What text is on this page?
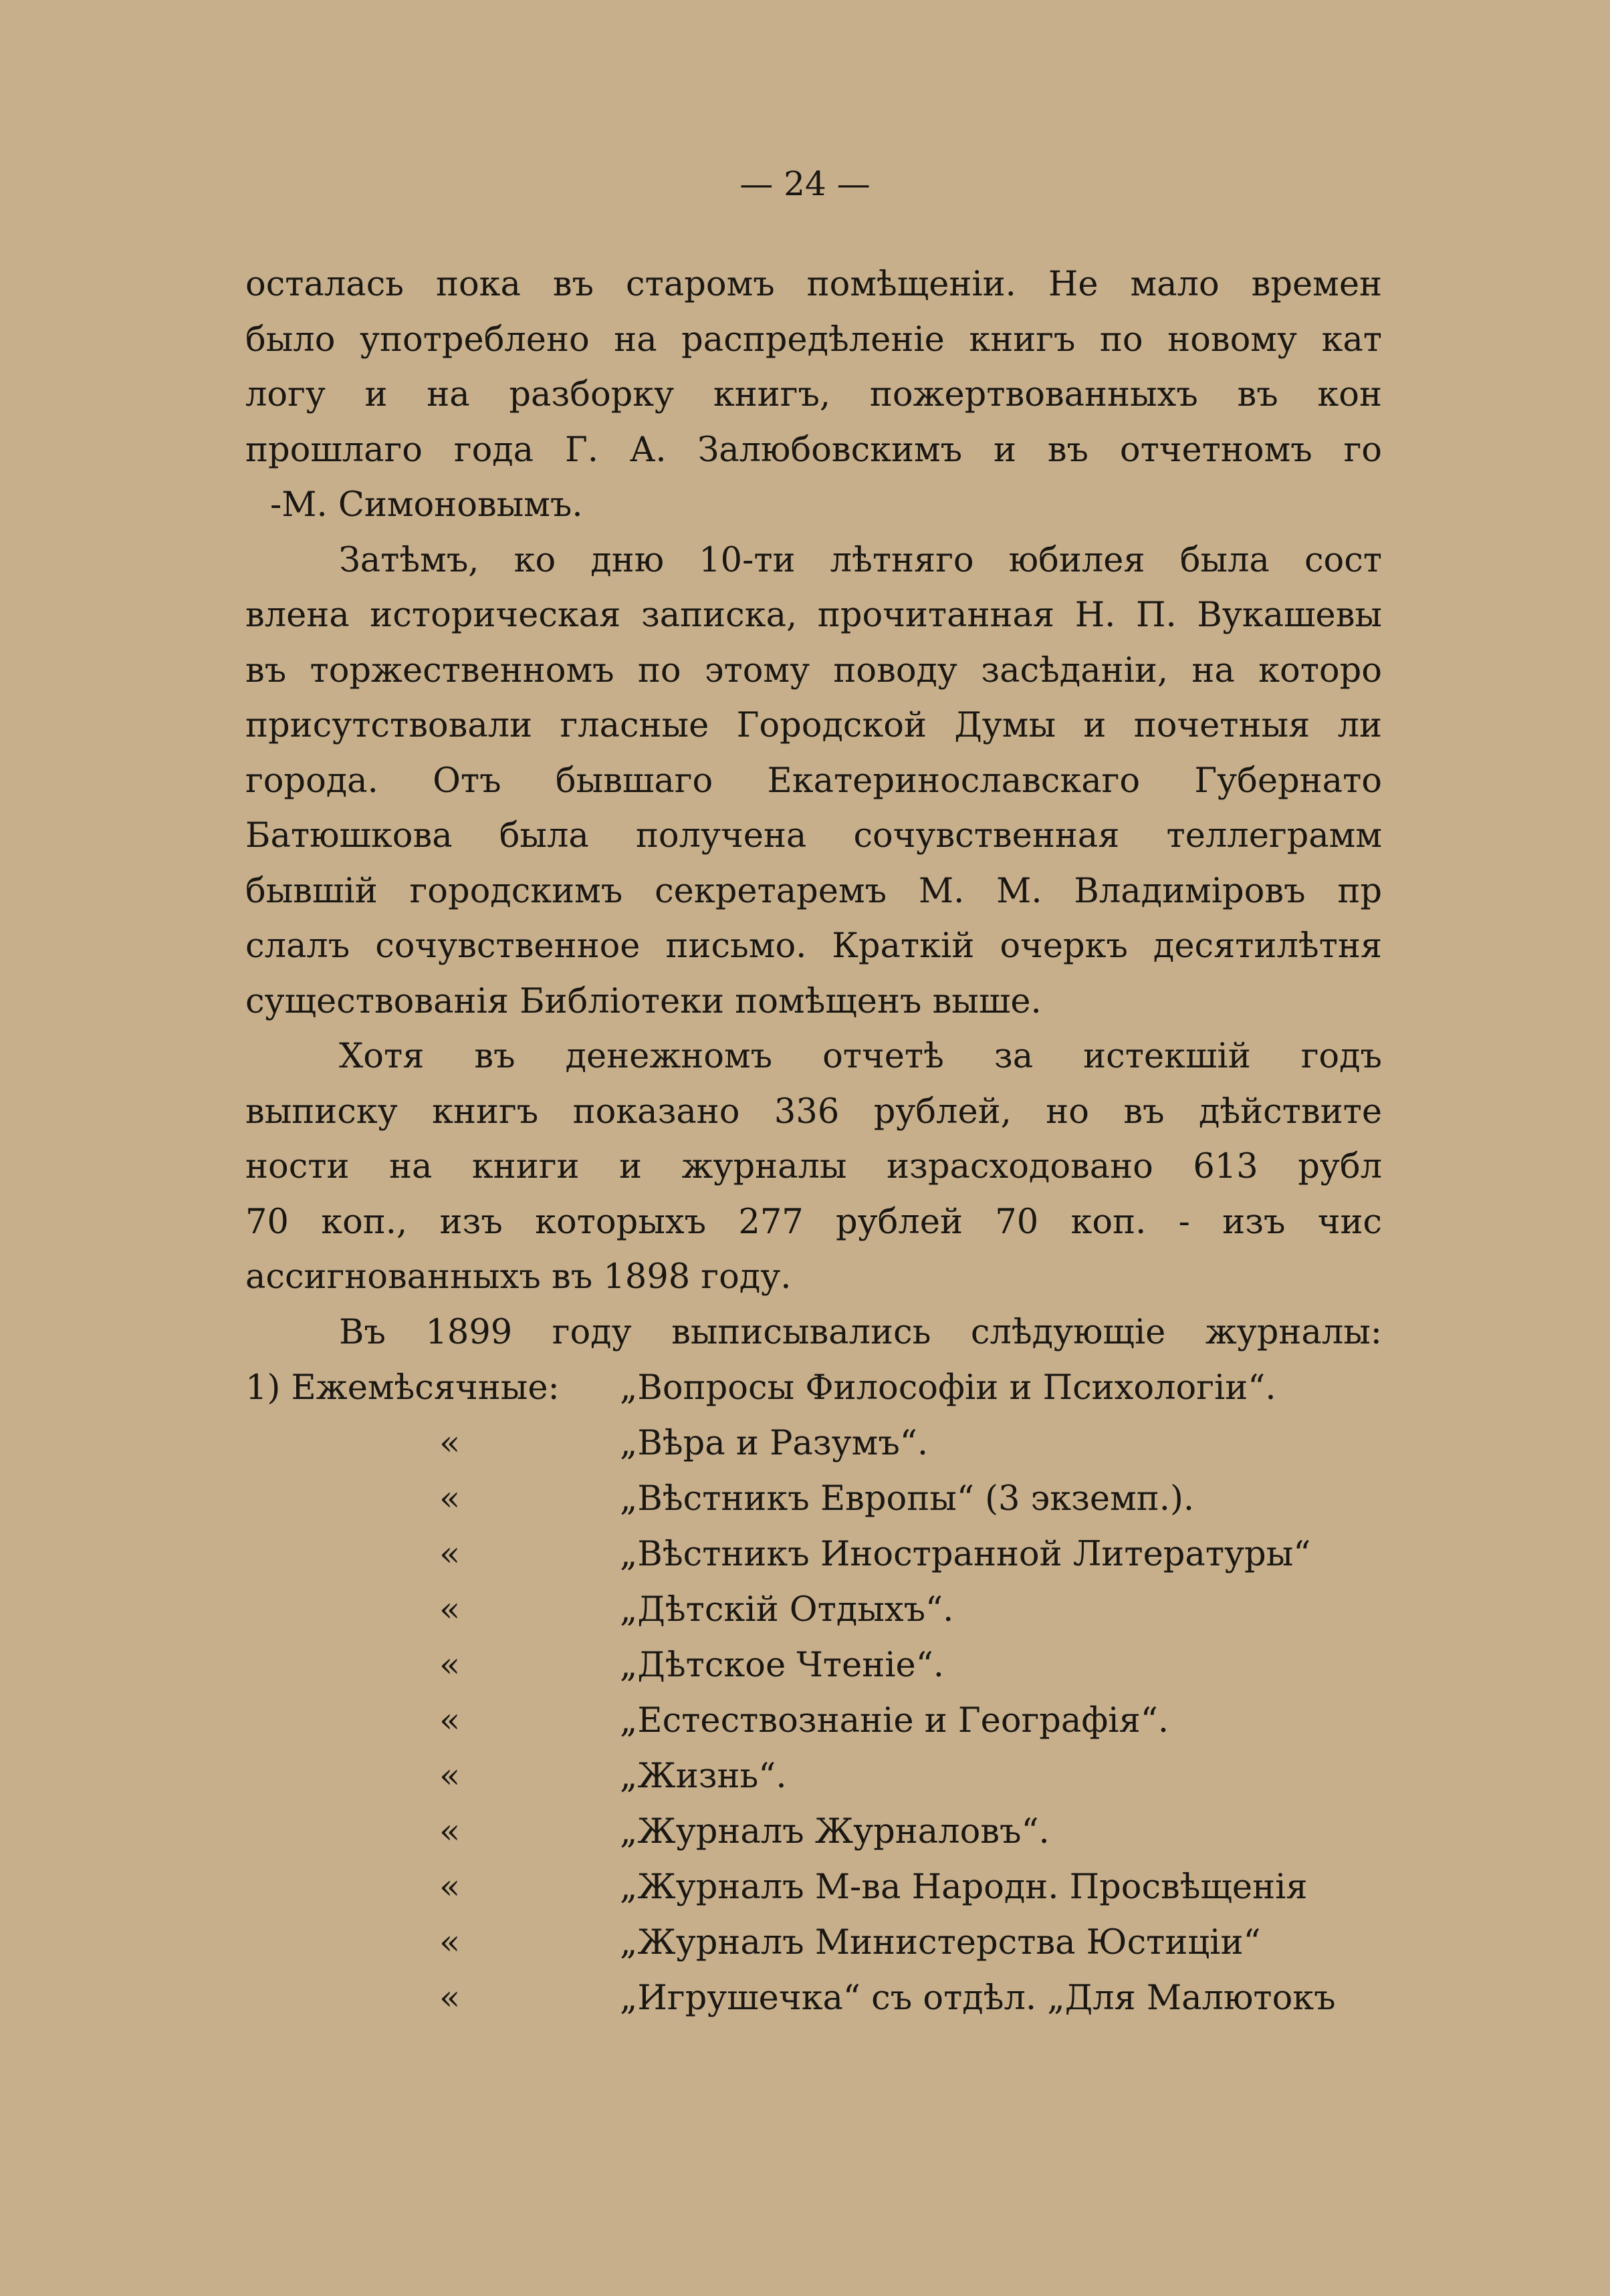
— 24 —
осталась пока въ старомъ помѣщеніи. Не мало времен
было употреблено на распредѣленіе книгъ по новому кат
логу и на разборку книгъ, пожертвованныхъ въ кон
прошлаго года Г. А. Залюбовскимъ и въ отчетномъ го
-М. Симоновымъ.
Затѣмъ, ко дню 10-ти лѣтняго юбилея была сост
влена историческая записка, прочитанная Н. П. Вукашевы
въ торжественномъ по этому поводу засѣданіи, на которо
присутствовали гласные Городской Думы и почетныя ли
города. Отъ бывшаго Екатеринославскаго Губернато
Батюшкова была получена сочувственная теллеграмм
бывшій городскимъ секретаремъ М. М. Владиміровъ пр
слалъ сочувственное письмо. Краткій очеркъ десятилѣтня
существованія Библіотеки помѣщенъ выше.
Хотя въ денежномъ отчетѣ за истекшій годъ
выписку книгъ показано 336 рублей, но въ дѣйствите
ности на книги и журналы израсходовано 613 рубл
70 коп., изъ которыхъ 277 рублей 70 коп. - изъ чис
ассигнованныхъ въ 1898 году.
Въ 1899 году выписывались слѣдующіе журналы:
1) Ежемѣсячные: „Вопросы Философіи и Психологіи“.
«	„Вѣра и Разумъ“.
«	„Вѣстникъ Европы“ (3 экземп.).
«	„Вѣстникъ Иностранной Литературы“
«	„Дѣтскій Отдыхъ“.
«	„Дѣтское Чтеніе“.
«	„Естествознаніе и Географія“.
«	„Жизнь“.
«	„Журналъ Журналовъ“.
«	„Журналъ М-ва Народн. Просвѣщенія
«	„Журналъ Министерства Юстиціи“
«	„Игрушечка“ съ отдѣл. „Для Малютокъ
